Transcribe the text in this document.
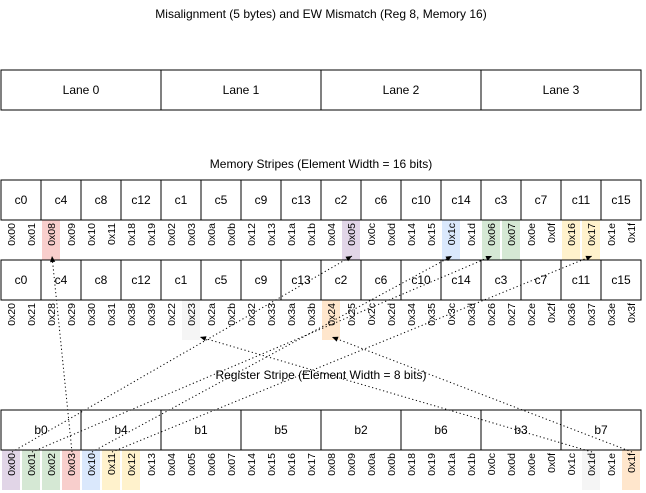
Misalignment (5 bytes) and EW Mismatch (Reg 8, Memory 16)
Memory Stripes (Element Width = 16 bits)
Register Stripe (Element Width = 8 bits)
Lane 0	Lane 1	Lane 2	Lane 3
c0 c4 c8 c12 c1 c5 c9 c13 c2 c6 c10 c14 c3 c7 c11 c15
0x00 0x01 0x08 0x09 0x10 0x11 0x18 0x19 0x02 0x03 0x0a 0x0b 0x12 0x13 0x1a 0x1b 0x04 0x05 0x0c 0x0d 0x14 0x15 0x1c 0x1d 0x06 0x07 0x0e 0x0f 0x16 0x17 0x1e 0x1f
c0 c4 c8 c12 c1 c5 c9 c13 c2 c6 c10 c14 c3 c7 c11 c15
0x20 0x21 0x28 0x29 0x30 0x31 0x38 0x39 0x22 0x23 0x2a 0x2b 0x32 0x33 0x3a 0x3b 0x24 0x25 0x2c 0x2d 0x34 0x35 0x3c 0x3d 0x26 0x27 0x2e 0x2f 0x36 0x37 0x3e 0x3f
b0	b4	b1	b5	b2	b6	b3	b7
0x00 0x01 0x02 0x03 0x10 0x11 0x12 0x13 0x04 0x05 0x06 0x07 0x14 0x15 0x16 0x17 0x08 0x09 0x0a 0x0b 0x18 0x19 0x1a 0x1b 0x0c 0x0d 0x0e 0x0f 0x1c 0x1d 0x1e 0x1f
